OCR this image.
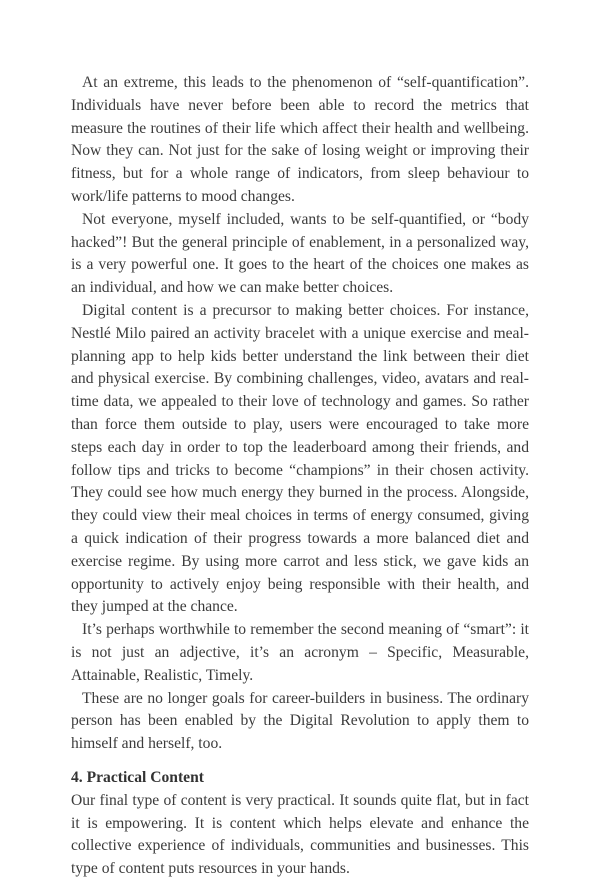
At an extreme, this leads to the phenomenon of “self-quantification”. Individuals have never before been able to record the metrics that measure the routines of their life which affect their health and wellbeing. Now they can. Not just for the sake of losing weight or improving their fitness, but for a whole range of indicators, from sleep behaviour to work/life patterns to mood changes.

Not everyone, myself included, wants to be self-quantified, or “body hacked”! But the general principle of enablement, in a personalized way, is a very powerful one. It goes to the heart of the choices one makes as an individual, and how we can make better choices.

Digital content is a precursor to making better choices. For instance, Nestlé Milo paired an activity bracelet with a unique exercise and meal-planning app to help kids better understand the link between their diet and physical exercise. By combining challenges, video, avatars and real-time data, we appealed to their love of technology and games. So rather than force them outside to play, users were encouraged to take more steps each day in order to top the leaderboard among their friends, and follow tips and tricks to become “champions” in their chosen activity. They could see how much energy they burned in the process. Alongside, they could view their meal choices in terms of energy consumed, giving a quick indication of their progress towards a more balanced diet and exercise regime. By using more carrot and less stick, we gave kids an opportunity to actively enjoy being responsible with their health, and they jumped at the chance.

It’s perhaps worthwhile to remember the second meaning of “smart”: it is not just an adjective, it’s an acronym – Specific, Measurable, Attainable, Realistic, Timely.

These are no longer goals for career-builders in business. The ordinary person has been enabled by the Digital Revolution to apply them to himself and herself, too.

4. Practical Content

Our final type of content is very practical. It sounds quite flat, but in fact it is empowering. It is content which helps elevate and enhance the collective experience of individuals, communities and businesses. This type of content puts resources in your hands.
